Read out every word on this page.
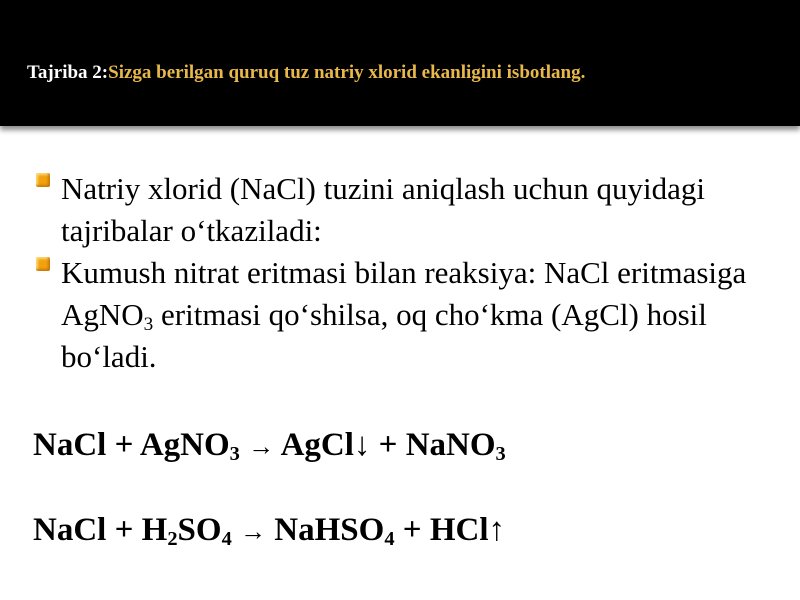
Tajriba 2:Sizga berilgan quruq tuz natriy xlorid ekanligini isbotlang.
Natriy xlorid (NaCl) tuzini aniqlash uchun quyidagi tajribalar o‘tkaziladi:
Kumush nitrat eritmasi bilan reaksiya: NaCl eritmasiga AgNO$_3$ eritmasi qo‘shilsa, oq cho‘kma (AgCl) hosil bo‘ladi.
NaCl + AgNO$_3$ → AgCl↓ + NaNO$_3$
NaCl + $H_2SO_4$ → NaHSO$_4$ + HCl↑
